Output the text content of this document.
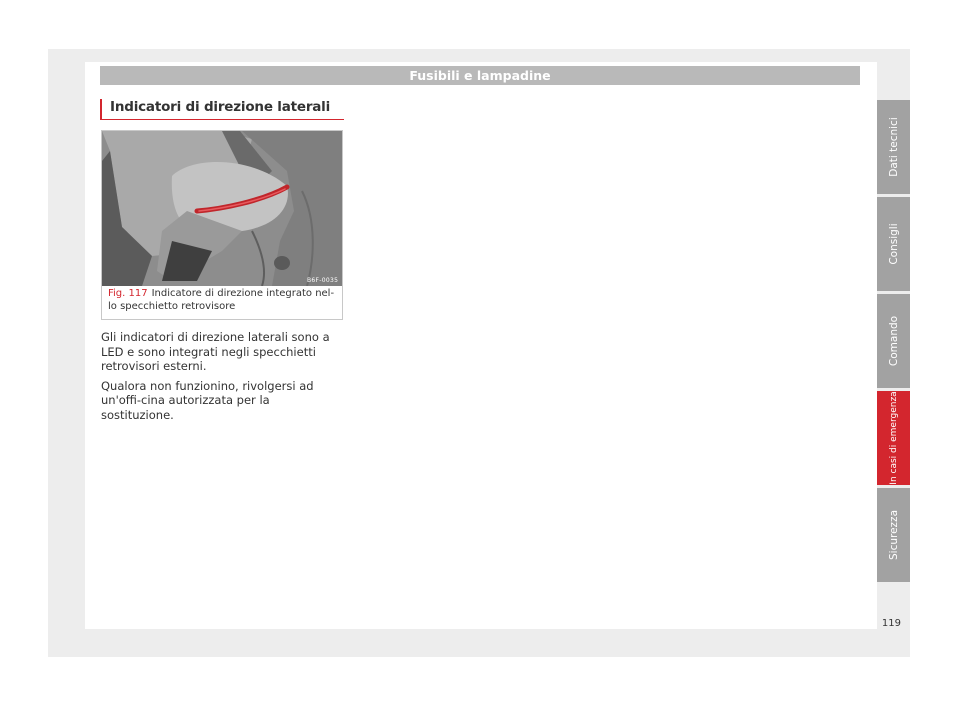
Fusibili e lampadine
Indicatori di direzione laterali
B6F-0035
Fig. 117 Indicatore di direzione integrato nel-
lo specchietto retrovisore

Gli indicatori di direzione laterali sono a LED e sono integrati negli specchietti retrovisori esterni.

Qualora non funzionino, rivolgersi ad un'offi-cina autorizzata per la sostituzione.

Dati tecnici
Consigli
Comando
In casi di emergenza
Sicurezza
119
